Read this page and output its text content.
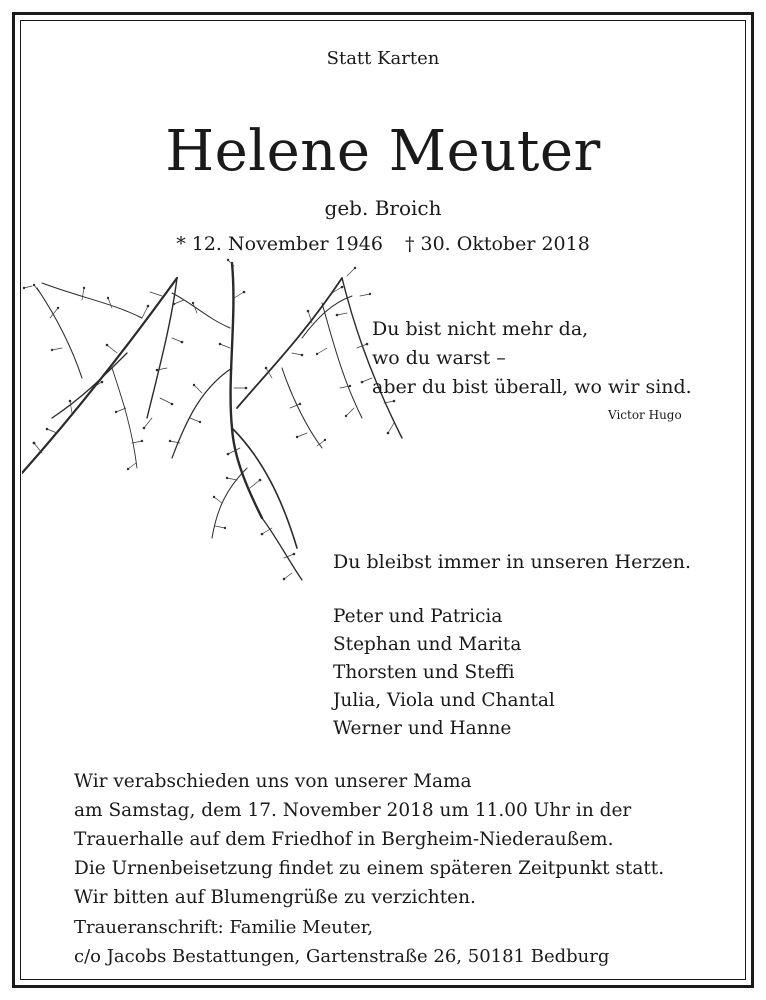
Statt Karten
Helene Meuter
geb. Broich
* 12. November 1946 † 30. Oktober 2018
Du bist nicht mehr da,
wo du warst –
aber du bist überall, wo wir sind.
Victor Hugo
Du bleibst immer in unseren Herzen.
Peter und Patricia
Stephan und Marita
Thorsten und Steffi
Julia, Viola und Chantal
Werner und Hanne
Wir verabschieden uns von unserer Mama
am Samstag, dem 17. November 2018 um 11.00 Uhr in der
Trauerhalle auf dem Friedhof in Bergheim-Niederaußem.
Die Urnenbeisetzung findet zu einem späteren Zeitpunkt statt.
Wir bitten auf Blumengrüße zu verzichten.
Traueranschrift: Familie Meuter,
c/o Jacobs Bestattungen, Gartenstraße 26, 50181 Bedburg
